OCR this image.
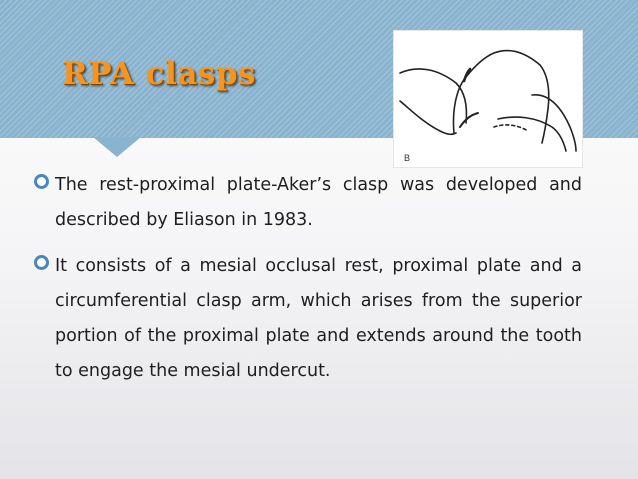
RPA clasps
B
The rest-proximal plate-Aker’s clasp was developed and described by Eliason in 1983.
It consists of a mesial occlusal rest, proximal plate and a circumferential clasp arm, which arises from the superior portion of the proximal plate and extends around the tooth to engage the mesial undercut.
